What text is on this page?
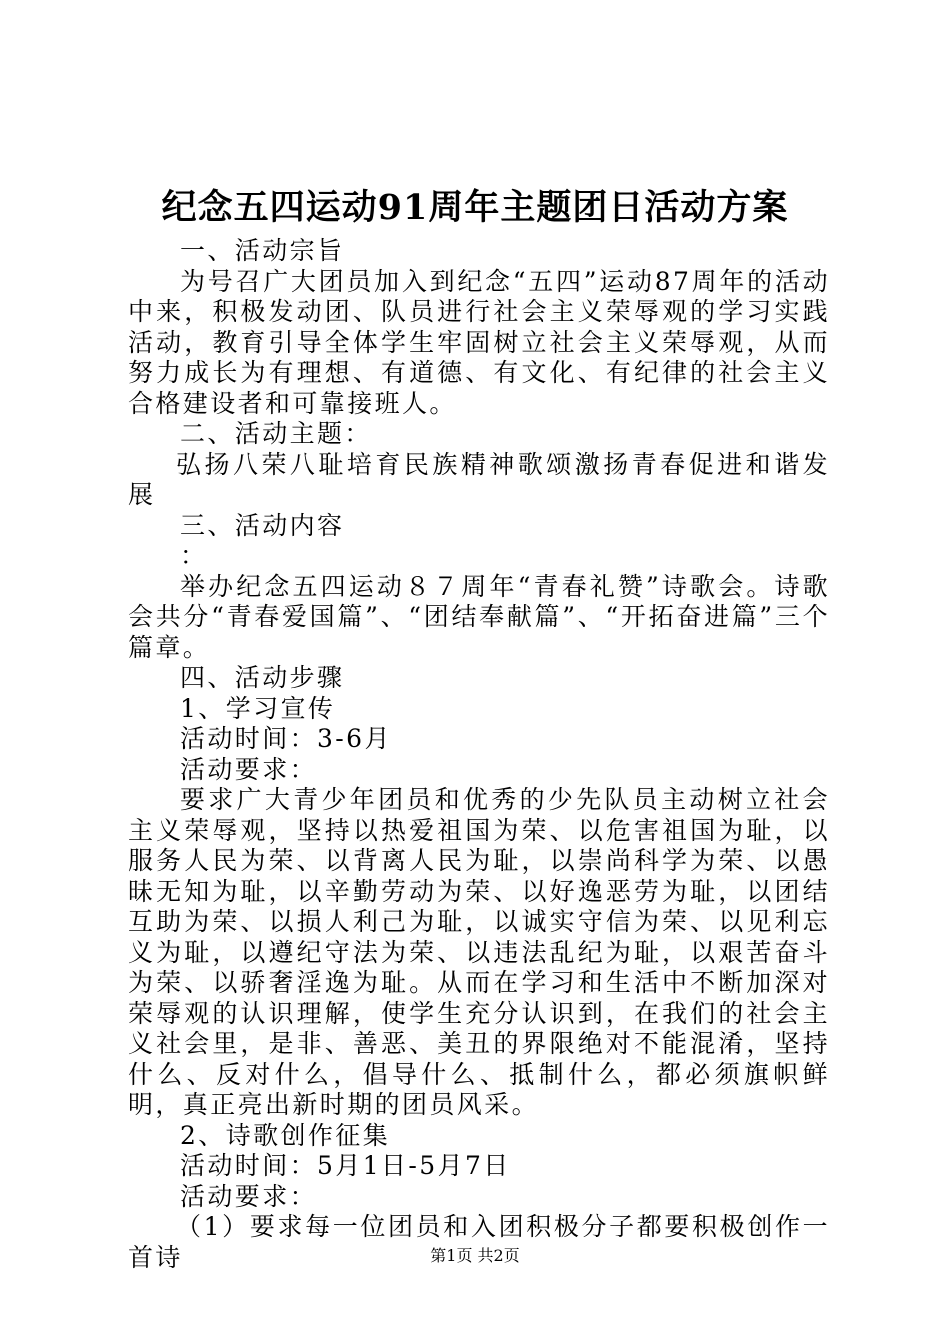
纪念五四运动91周年主题团日活动方案

一、活动宗旨

为号召广大团员加入到纪念“五四”运动87周年的活动中来，积极发动团、队员进行社会主义荣辱观的学习实践活动，教育引导全体学生牢固树立社会主义荣辱观，从而努力成长为有理想、有道德、有文化、有纪律的社会主义合格建设者和可靠接班人。

二、活动主题：

弘扬八荣八耻培育民族精神歌颂激扬青春促进和谐发展

三、活动内容

：

举办纪念五四运动８７周年“青春礼赞”诗歌会。诗歌会共分“青春爱国篇”、“团结奉献篇”、“开拓奋进篇”三个篇章。

四、活动步骤

1、学习宣传

活动时间：3-6月

活动要求：

要求广大青少年团员和优秀的少先队员主动树立社会主义荣辱观，坚持以热爱祖国为荣、以危害祖国为耻，以服务人民为荣、以背离人民为耻，以崇尚科学为荣、以愚昧无知为耻，以辛勤劳动为荣、以好逸恶劳为耻，以团结互助为荣、以损人利己为耻，以诚实守信为荣、以见利忘义为耻，以遵纪守法为荣、以违法乱纪为耻，以艰苦奋斗为荣、以骄奢淫逸为耻。从而在学习和生活中不断加深对荣辱观的认识理解，使学生充分认识到，在我们的社会主义社会里，是非、善恶、美丑的界限绝对不能混淆，坚持什么、反对什么，倡导什么、抵制什么，都必须旗帜鲜明，真正亮出新时期的团员风采。

2、诗歌创作征集

活动时间：5月1日-5月7日

活动要求：

（1）要求每一位团员和入团积极分子都要积极创作一首诗	第1页 共2页
